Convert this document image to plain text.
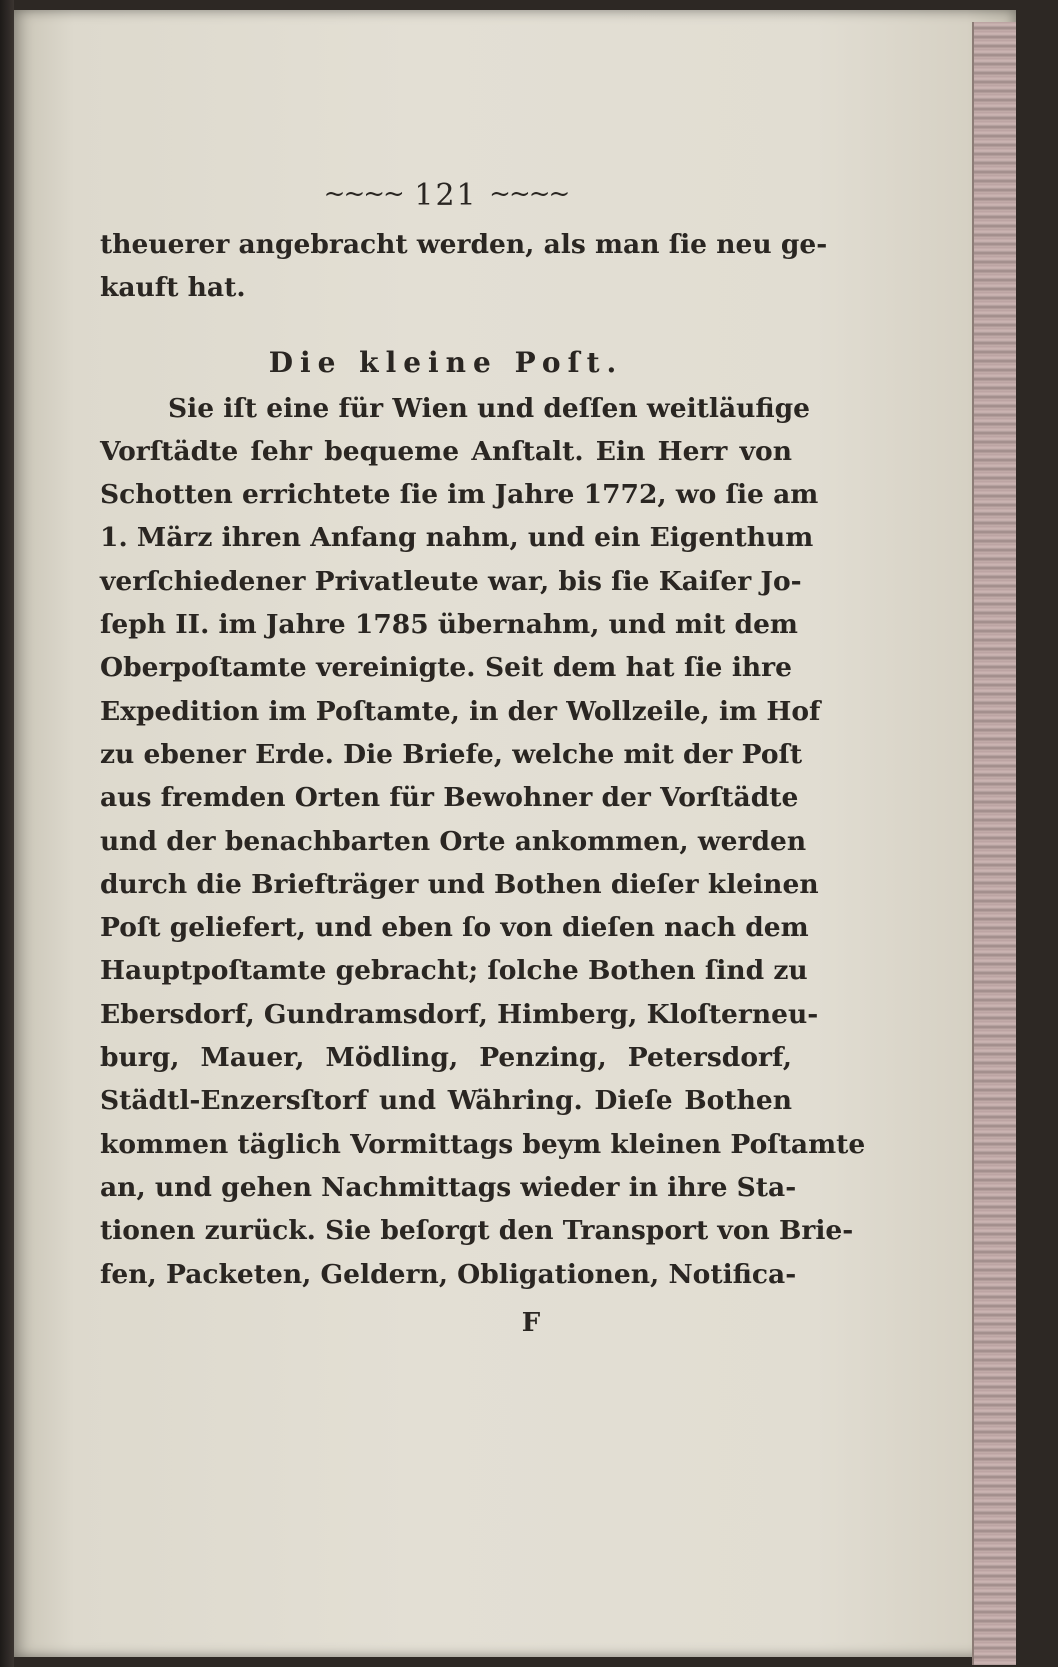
~~~~ 121 ~~~~
theuerer angebracht werden, als man ſie neu ge-
kauft hat.
Die kleine Poſt.
Sie iſt eine für Wien und deſſen weitläufige
Vorſtädte ſehr bequeme Anſtalt. Ein Herr von
Schotten errichtete ſie im Jahre 1772, wo ſie am
1. März ihren Anfang nahm, und ein Eigenthum
verſchiedener Privatleute war, bis ſie Kaiſer Jo-
ſeph II. im Jahre 1785 übernahm, und mit dem
Oberpoſtamte vereinigte. Seit dem hat ſie ihre
Expedition im Poſtamte, in der Wollzeile, im Hof
zu ebener Erde. Die Briefe, welche mit der Poſt
aus fremden Orten für Bewohner der Vorſtädte
und der benachbarten Orte ankommen, werden
durch die Briefträger und Bothen dieſer kleinen
Poſt geliefert, und eben ſo von dieſen nach dem
Hauptpoſtamte gebracht; ſolche Bothen ſind zu
Ebersdorf, Gundramsdorf, Himberg, Kloſterneu-
burg, Mauer, Mödling, Penzing, Petersdorf,
Städtl-Enzersſtorf und Währing. Dieſe Bothen
kommen täglich Vormittags beym kleinen Poſtamte
an, und gehen Nachmittags wieder in ihre Sta-
tionen zurück. Sie beſorgt den Transport von Brie-
fen, Packeten, Geldern, Obligationen, Notifica-
F
